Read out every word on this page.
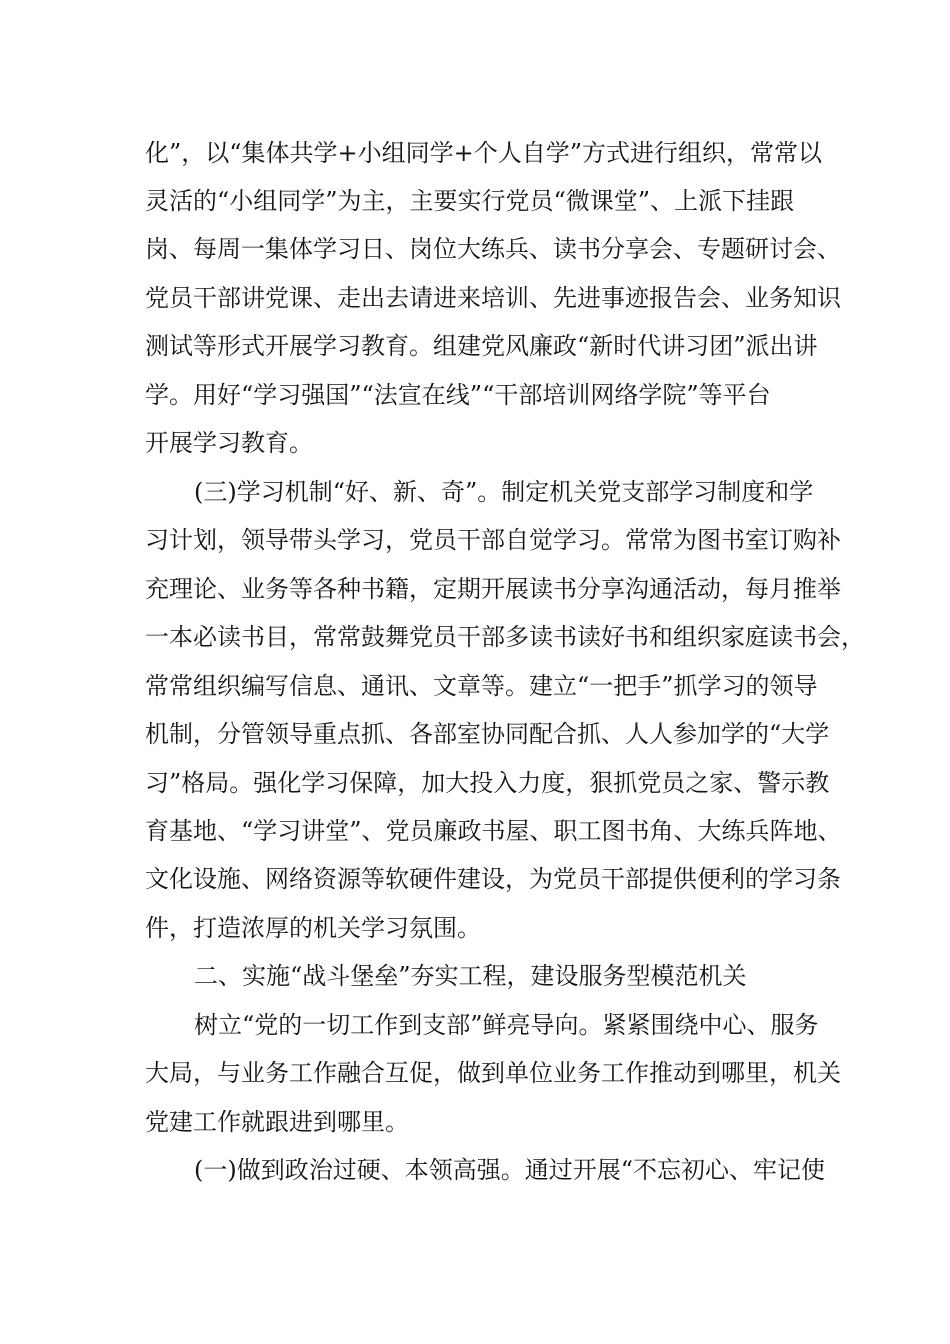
化”，以“集体共学+小组同学+个人自学”方式进行组织，常常以
灵活的“小组同学”为主，主要实行党员“微课堂”、上派下挂跟
岗、每周一集体学习日、岗位大练兵、读书分享会、专题研讨会、
党员干部讲党课、走出去请进来培训、先进事迹报告会、业务知识
测试等形式开展学习教育。组建党风廉政“新时代讲习团”派出讲
学。用好“学习强国”“法宣在线”“干部培训网络学院”等平台
开展学习教育。
(三)学习机制“好、新、奇”。制定机关党支部学习制度和学
习计划，领导带头学习，党员干部自觉学习。常常为图书室订购补
充理论、业务等各种书籍，定期开展读书分享沟通活动，每月推举
一本必读书目，常常鼓舞党员干部多读书读好书和组织家庭读书会，
常常组织编写信息、通讯、文章等。建立“一把手”抓学习的领导
机制，分管领导重点抓、各部室协同配合抓、人人参加学的“大学
习”格局。强化学习保障，加大投入力度，狠抓党员之家、警示教
育基地、“学习讲堂”、党员廉政书屋、职工图书角、大练兵阵地、
文化设施、网络资源等软硬件建设，为党员干部提供便利的学习条
件，打造浓厚的机关学习氛围。
二、实施“战斗堡垒”夯实工程，建设服务型模范机关
树立“党的一切工作到支部”鲜亮导向。紧紧围绕中心、服务
大局，与业务工作融合互促，做到单位业务工作推动到哪里，机关
党建工作就跟进到哪里。
(一)做到政治过硬、本领高强。通过开展“不忘初心、牢记使
